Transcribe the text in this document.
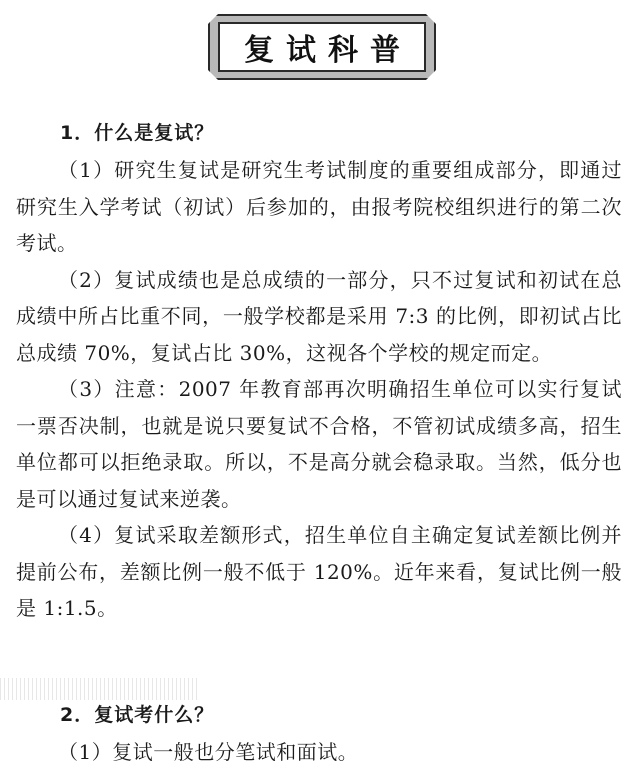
复试科普
1．什么是复试？

（1）研究生复试是研究生考试制度的重要组成部分，即通过研究生入学考试（初试）后参加的，由报考院校组织进行的第二次考试。

（2）复试成绩也是总成绩的一部分，只不过复试和初试在总成绩中所占比重不同，一般学校都是采用 7:3 的比例，即初试占比总成绩 70%，复试占比 30%，这视各个学校的规定而定。

（3）注意：2007 年教育部再次明确招生单位可以实行复试一票否决制，也就是说只要复试不合格，不管初试成绩多高，招生单位都可以拒绝录取。所以，不是高分就会稳录取。当然，低分也是可以通过复试来逆袭。

（4）复试采取差额形式，招生单位自主确定复试差额比例并提前公布，差额比例一般不低于 120%。近年来看，复试比例一般是 1:1.5。

2．复试考什么？

（1）复试一般也分笔试和面试。
